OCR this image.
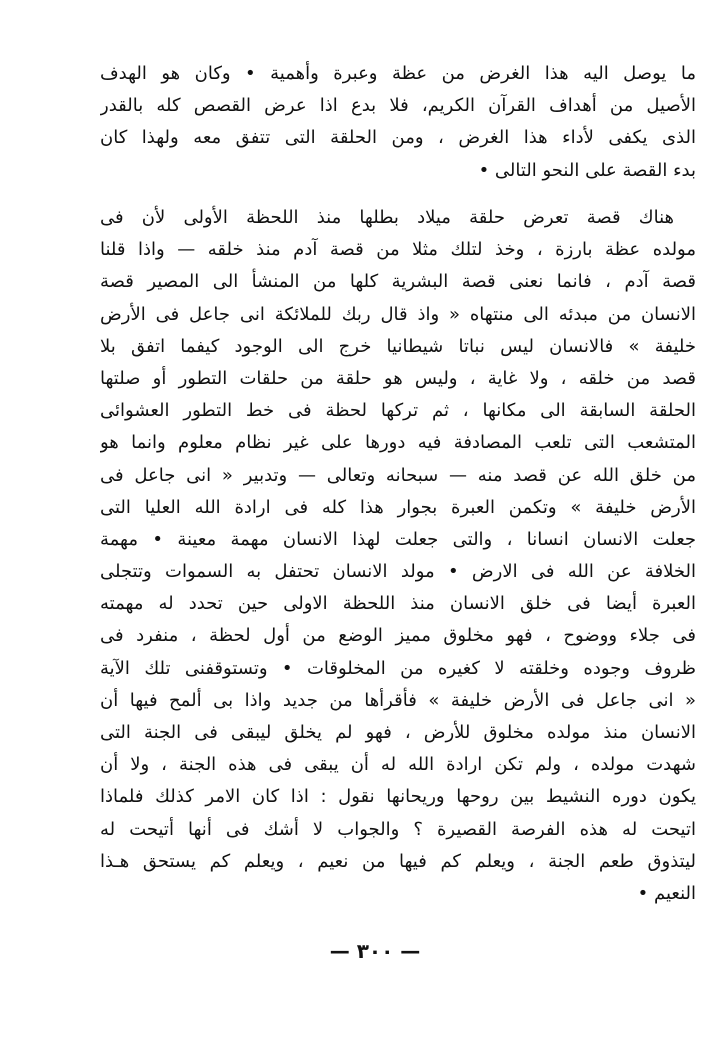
ما يوصل اليه هذا الغرض من عظة وعبرة وأهمية • وكان هو الهدف
الأصيل من أهداف القرآن الكريم، فلا بدع اذا عرض القصص كله بالقدر
الذى يكفى لأداء هذا الغرض ، ومن الحلقة التى تتفق معه ولهذا كان
بدء القصة على النحو التالى •
هناك قصة تعرض حلقة ميلاد بطلها منذ اللحظة الأولى لأن فى
مولده عظة بارزة ، وخذ لتلك مثلا من قصة آدم منذ خلقه — واذا قلنا
قصة آدم ، فانما نعنى قصة البشرية كلها من المنشأ الى المصير قصة
الانسان من مبدئه الى منتهاه « واذ قال ربك للملائكة انى جاعل فى الأرض
خليفة » فالانسان ليس نباتا شيطانيا خرج الى الوجود كيفما اتفق بلا
قصد من خلقه ، ولا غاية ، وليس هو حلقة من حلقات التطور أو صلتها
الحلقة السابقة الى مكانها ، ثم تركها لحظة فى خط التطور العشوائى
المتشعب التى تلعب المصادفة فيه دورها على غير نظام معلوم وانما هو
من خلق الله عن قصد منه — سبحانه وتعالى — وتدبير « انى جاعل فى
الأرض خليفة » وتكمن العبرة بجوار هذا كله فى ارادة الله العليا التى
جعلت الانسان انسانا ، والتى جعلت لهذا الانسان مهمة معينة • مهمة
الخلافة عن الله فى الارض • مولد الانسان تحتفل به السموات وتتجلى
العبرة أيضا فى خلق الانسان منذ اللحظة الاولى حين تحدد له مهمته
فى جلاء ووضوح ، فهو مخلوق مميز الوضع من أول لحظة ، منفرد فى
ظروف وجوده وخلقته لا كغيره من المخلوقات • وتستوقفنى تلك الآية
« انى جاعل فى الأرض خليفة » فأقرأها من جديد واذا بى ألمح فيها أن
الانسان منذ مولده مخلوق للأرض ، فهو لم يخلق ليبقى فى الجنة التى
شهدت مولده ، ولم تكن ارادة الله له أن يبقى فى هذه الجنة ، ولا أن
يكون دوره النشيط بين روحها وريحانها نقول : اذا كان الامر كذلك فلماذا
اتيحت له هذه الفرصة القصيرة ؟ والجواب لا أشك فى أنها أتيحت له
ليتذوق طعم الجنة ، ويعلم كم فيها من نعيم ، ويعلم كم يستحق هـذا
النعيم •
— ٣٠٠ —
